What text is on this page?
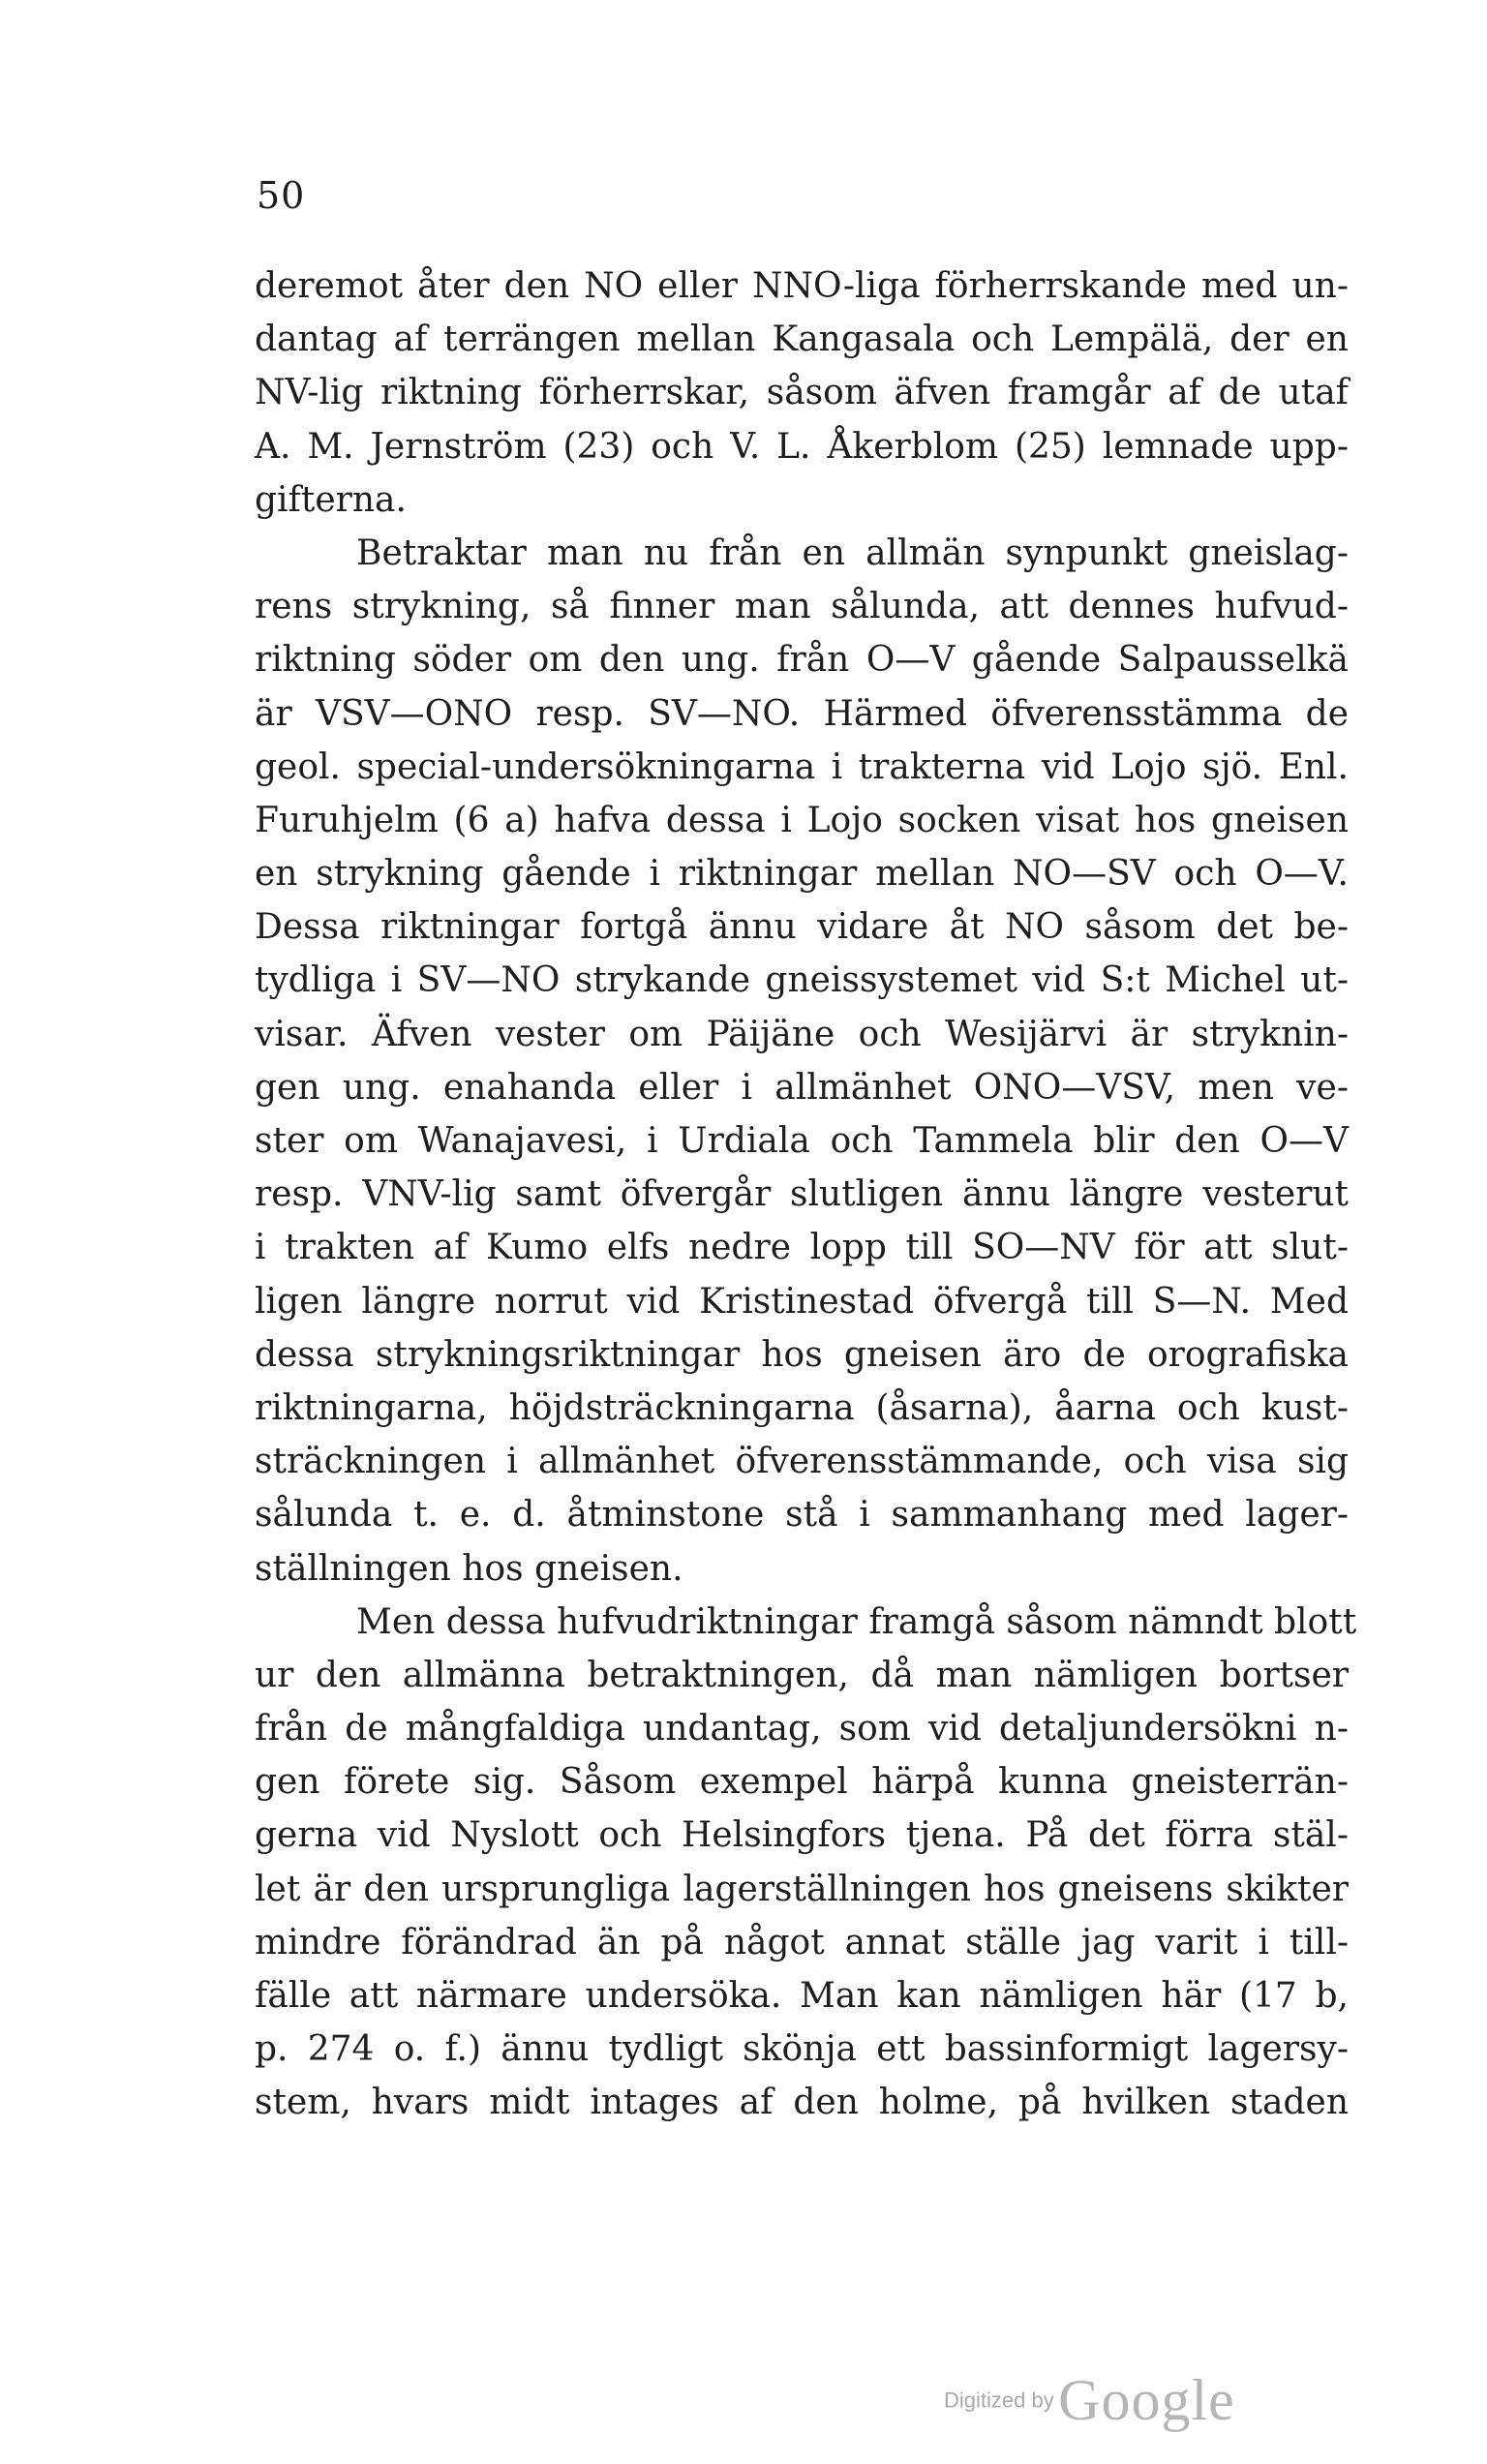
50
deremot åter den NO eller NNO-liga förherrskande med un-
dantag af terrängen mellan Kangasala och Lempälä, der en
NV-lig riktning förherrskar, såsom äfven framgår af de utaf
A. M. Jernström (23) och V. L. Åkerblom (25) lemnade upp-
gifterna.
Betraktar man nu från en allmän synpunkt gneislag-
rens strykning, så finner man sålunda, att dennes hufvud-
riktning söder om den ung. från O—V gående Salpausselkä
är VSV—ONO resp. SV—NO. Härmed öfverensstämma de
geol. special-undersökningarna i trakterna vid Lojo sjö. Enl.
Furuhjelm (6 a) hafva dessa i Lojo socken visat hos gneisen
en strykning gående i riktningar mellan NO—SV och O—V.
Dessa riktningar fortgå ännu vidare åt NO såsom det be-
tydliga i SV—NO strykande gneissystemet vid S:t Michel ut-
visar. Äfven vester om Päijäne och Wesijärvi är stryknin-
gen ung. enahanda eller i allmänhet ONO—VSV, men ve-
ster om Wanajavesi, i Urdiala och Tammela blir den O—V
resp. VNV-lig samt öfvergår slutligen ännu längre vesterut
i trakten af Kumo elfs nedre lopp till SO—NV för att slut-
ligen längre norrut vid Kristinestad öfvergå till S—N. Med
dessa strykningsriktningar hos gneisen äro de orografiska
riktningarna, höjdsträckningarna (åsarna), åarna och kust-
sträckningen i allmänhet öfverensstämmande, och visa sig
sålunda t. e. d. åtminstone stå i sammanhang med lager-
ställningen hos gneisen.
Men dessa hufvudriktningar framgå såsom nämndt blott
ur den allmänna betraktningen, då man nämligen bortser
från de mångfaldiga undantag, som vid detaljundersökni n-
gen förete sig. Såsom exempel härpå kunna gneisterrän-
gerna vid Nyslott och Helsingfors tjena. På det förra stäl-
let är den ursprungliga lagerställningen hos gneisens skikter
mindre förändrad än på något annat ställe jag varit i till-
fälle att närmare undersöka. Man kan nämligen här (17 b,
p. 274 o. f.) ännu tydligt skönja ett bassinformigt lagersy-
stem, hvars midt intages af den holme, på hvilken staden
Digitized by Google
